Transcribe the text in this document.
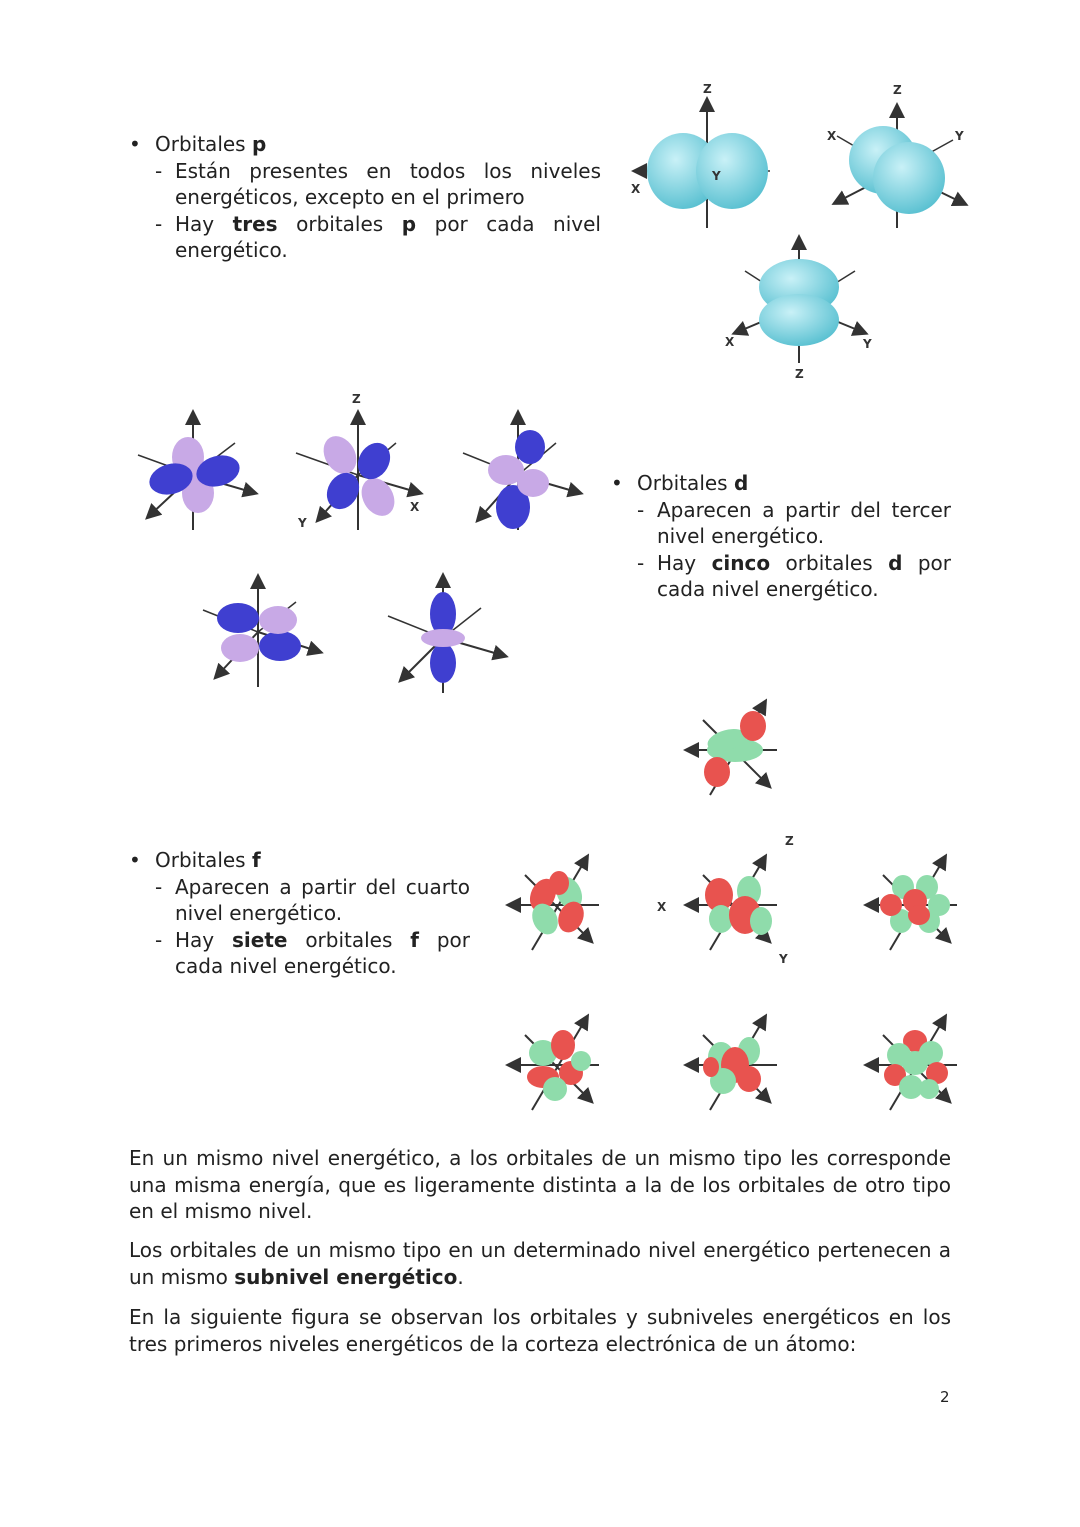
• Orbitales p
- Están presentes en todos los niveles energéticos, excepto en el primero
- Hay tres orbitales p por cada nivel energético.
Z
X
Y
Z
X	Y
X	Y
Z
Z
Y
X
• Orbitales d
- Aparecen a partir del tercer nivel energético.
- Hay cinco orbitales d por cada nivel energético.
• Orbitales f
- Aparecen a partir del cuarto nivel energético.
- Hay siete orbitales f por cada nivel energético.
Z
X
Y
En un mismo nivel energético, a los orbitales de un mismo tipo les corresponde una misma energía, que es ligeramente distinta a la de los orbitales de otro tipo en el mismo nivel.
Los orbitales de un mismo tipo en un determinado nivel energético pertenecen a un mismo subnivel energético.
En la siguiente figura se observan los orbitales y subniveles energéticos en los tres primeros niveles energéticos de la corteza electrónica de un átomo:
2
